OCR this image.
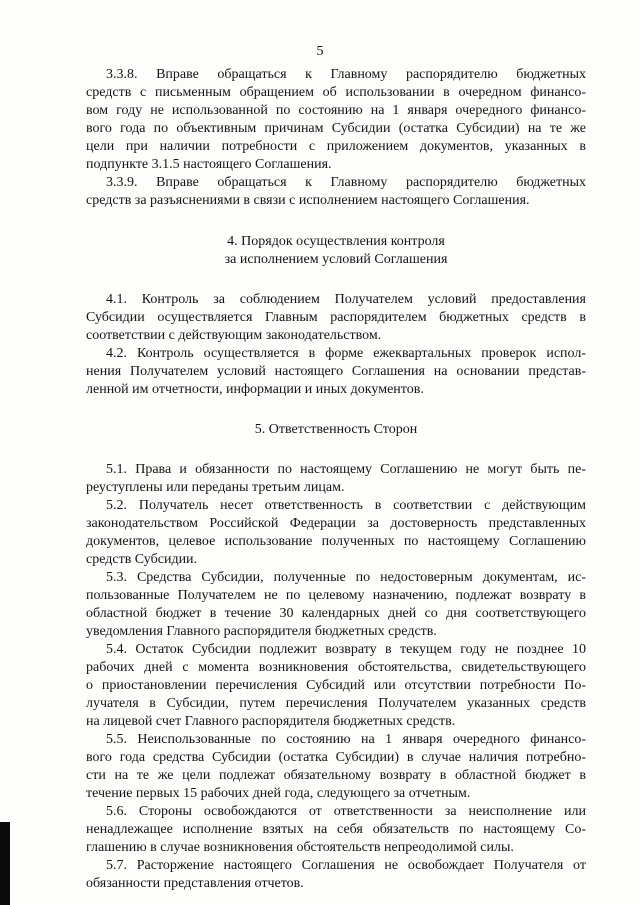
5

3.3.8. Вправе обращаться к Главному распорядителю бюджетных
средств с письменным обращением об использовании в очередном финансо-
вом году не использованной по состоянию на 1 января очередного финансо-
вого года по объективным причинам Субсидии (остатка Субсидии) на те же
цели при наличии потребности с приложением документов, указанных в
подпункте 3.1.5 настоящего Соглашения.

3.3.9. Вправе обращаться к Главному распорядителю бюджетных
средств за разъяснениями в связи с исполнением настоящего Соглашения.

4. Порядок осуществления контроля

за исполнением условий Соглашения

4.1. Контроль за соблюдением Получателем условий предоставления
Субсидии осуществляется Главным распорядителем бюджетных средств в
соответствии с действующим законодательством.

4.2. Контроль осуществляется в форме ежеквартальных проверок испол-
нения Получателем условий настоящего Соглашения на основании представ-
ленной им отчетности, информации и иных документов.

5. Ответственность Сторон

5.1. Права и обязанности по настоящему Соглашению не могут быть пе-
реуступлены или переданы третьим лицам.

5.2. Получатель несет ответственность в соответствии с действующим
законодательством Российской Федерации за достоверность представленных
документов, целевое использование полученных по настоящему Соглашению
средств Субсидии.

5.3. Средства Субсидии, полученные по недостоверным документам, ис-
пользованные Получателем не по целевому назначению, подлежат возврату в
областной бюджет в течение 30 календарных дней со дня соответствующего
уведомления Главного распорядителя бюджетных средств.

5.4. Остаток Субсидии подлежит возврату в текущем году не позднее 10
рабочих дней с момента возникновения обстоятельства, свидетельствующего
о приостановлении перечисления Субсидий или отсутствии потребности По-
лучателя в Субсидии, путем перечисления Получателем указанных средств
на лицевой счет Главного распорядителя бюджетных средств.

5.5. Неиспользованные по состоянию на 1 января очередного финансо-
вого года средства Субсидии (остатка Субсидии) в случае наличия потребно-
сти на те же цели подлежат обязательному возврату в областной бюджет в
течение первых 15 рабочих дней года, следующего за отчетным.

5.6. Стороны освобождаются от ответственности за неисполнение или
ненадлежащее исполнение взятых на себя обязательств по настоящему Со-
глашению в случае возникновения обстоятельств непреодолимой силы.

5.7. Расторжение настоящего Соглашения не освобождает Получателя от
обязанности представления отчетов.
